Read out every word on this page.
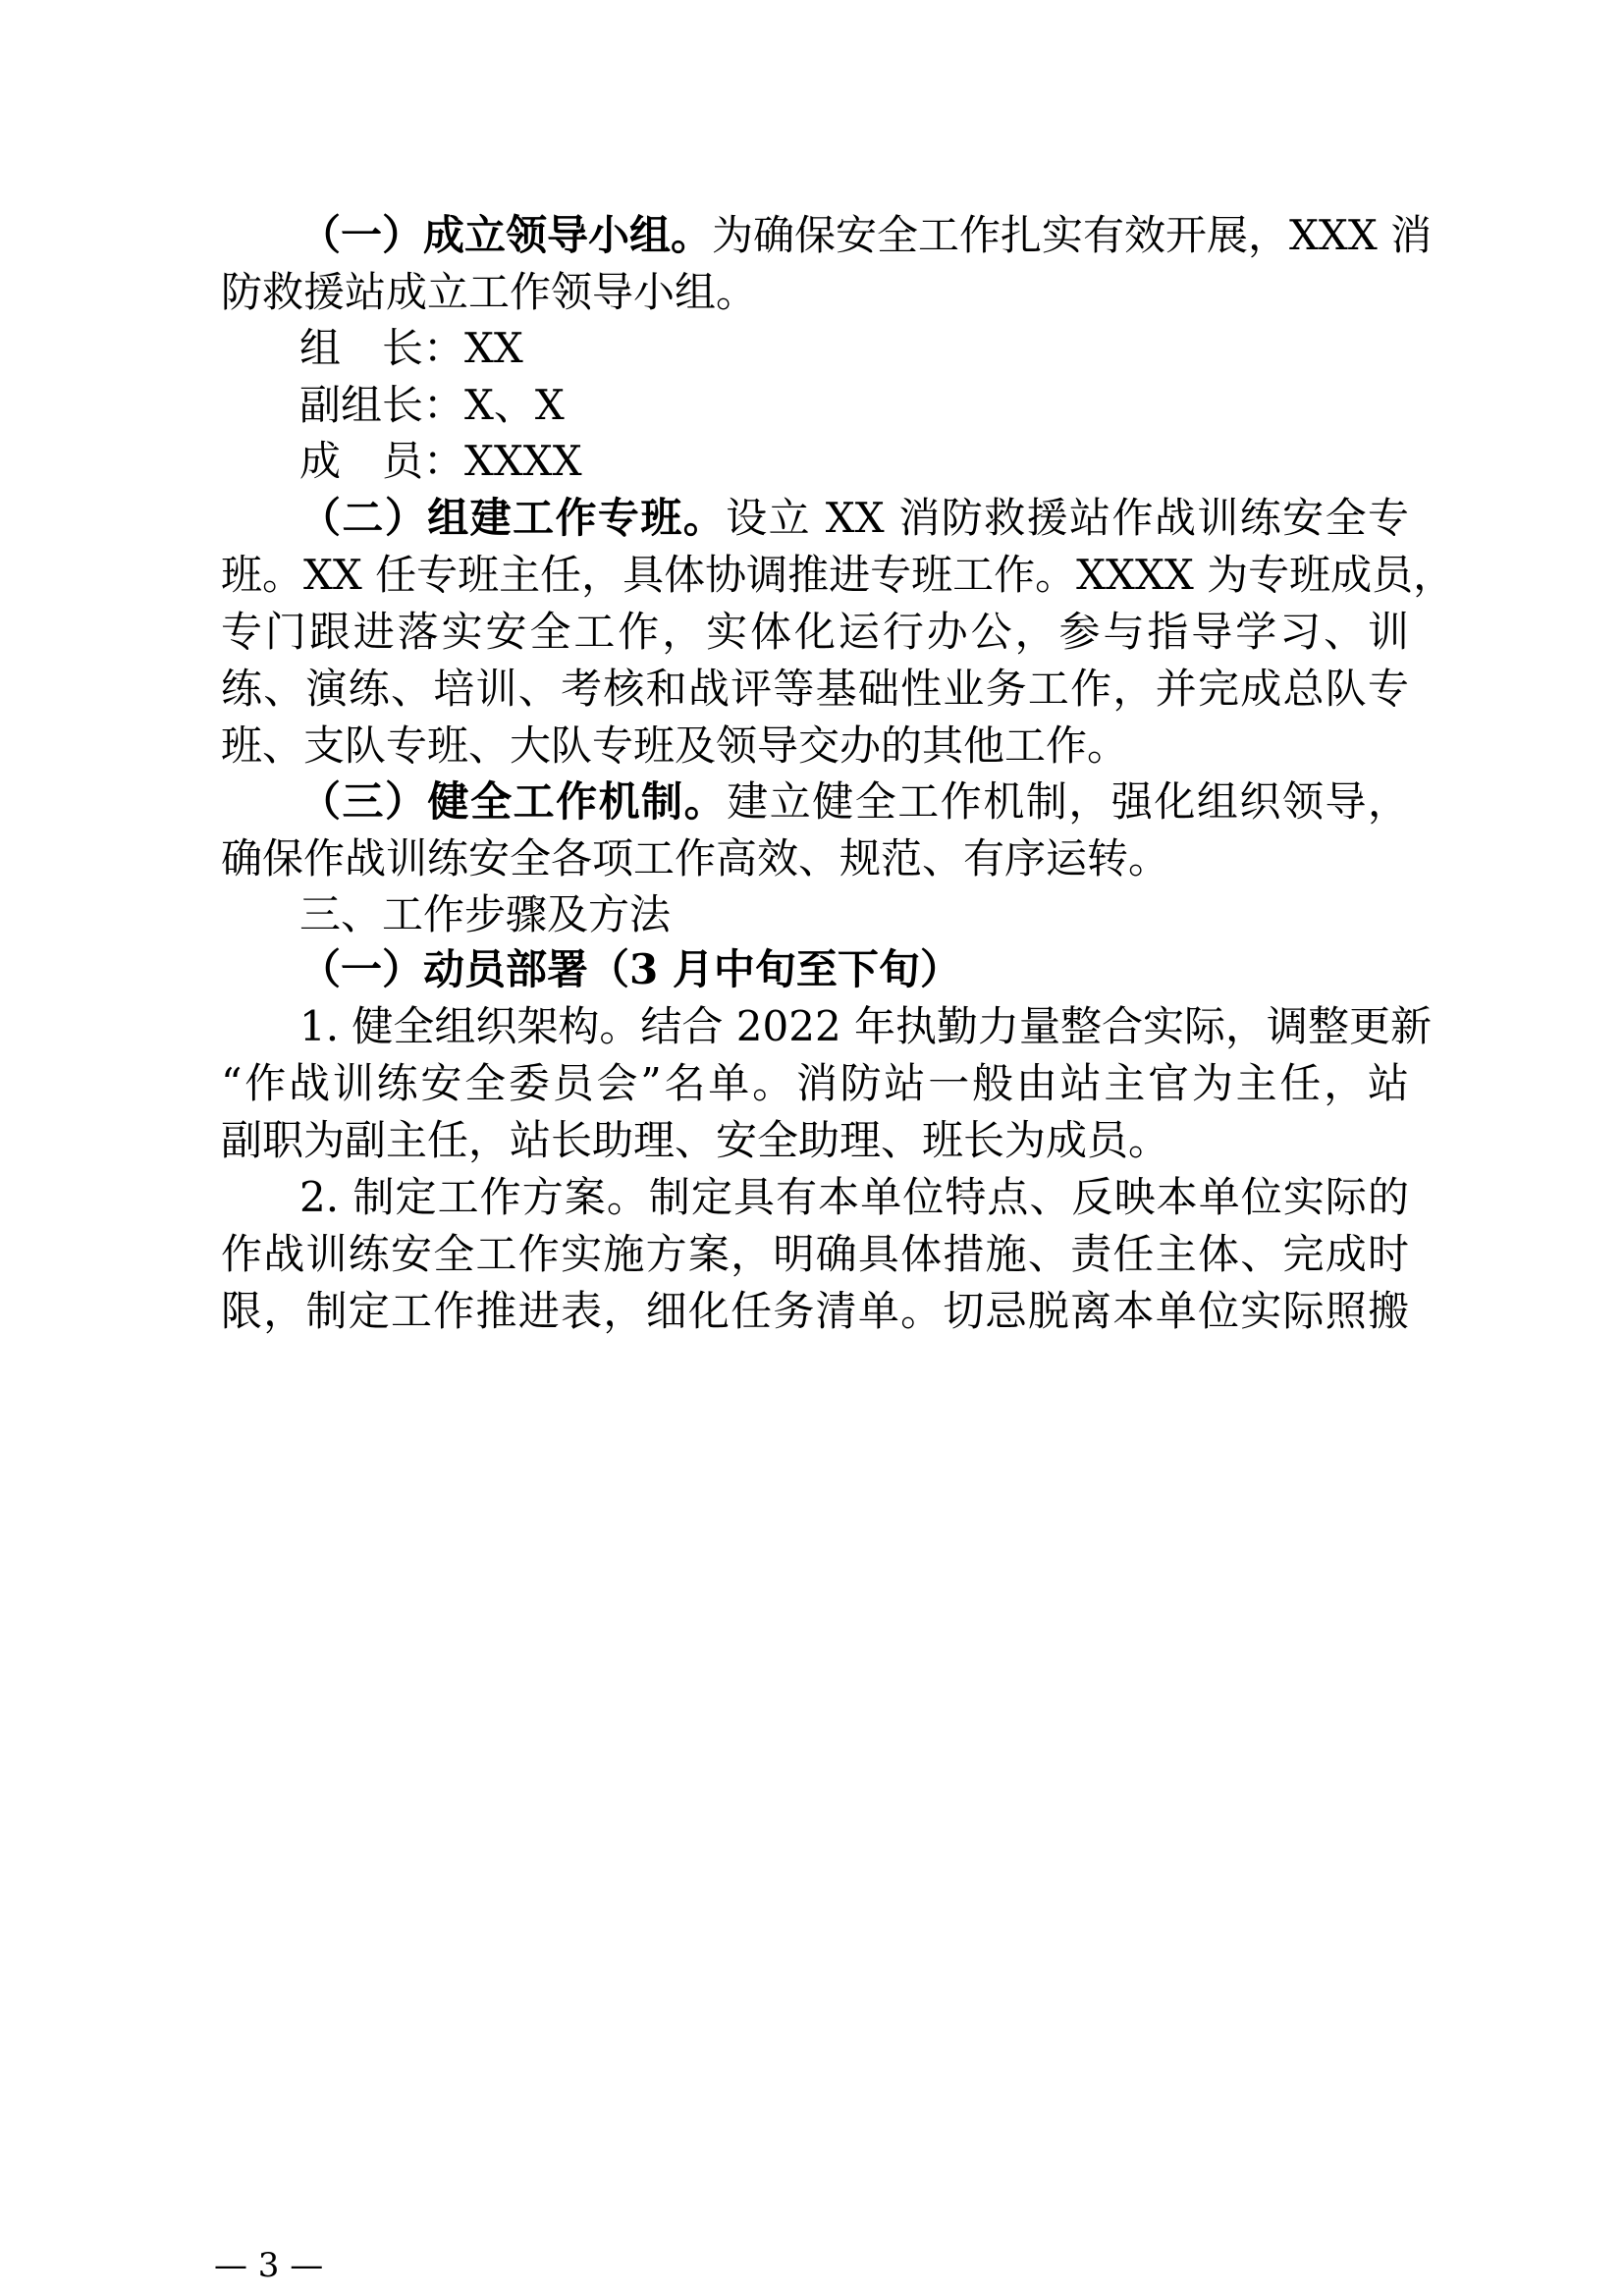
（一）成立领导小组。为确保安全工作扎实有效开展，XXX 消
防救援站成立工作领导小组。
组　长：XX
副组长：X、X
成　员：XXXX
（二）组建工作专班。设立 XX 消防救援站作战训练安全专
班。XX 任专班主任，具体协调推进专班工作。XXXX 为专班成员，
专门跟进落实安全工作，实体化运行办公，参与指导学习、训
练、演练、培训、考核和战评等基础性业务工作，并完成总队专
班、支队专班、大队专班及领导交办的其他工作。
（三）健全工作机制。建立健全工作机制，强化组织领导，
确保作战训练安全各项工作高效、规范、有序运转。
三、工作步骤及方法
（一）动员部署（3 月中旬至下旬）
1. 健全组织架构。结合 2022 年执勤力量整合实际，调整更新
“作战训练安全委员会”名单。消防站一般由站主官为主任，站
副职为副主任，站长助理、安全助理、班长为成员。
2. 制定工作方案。制定具有本单位特点、反映本单位实际的
作战训练安全工作实施方案，明确具体措施、责任主体、完成时
限，制定工作推进表，细化任务清单。切忌脱离本单位实际照搬
— 3 —
